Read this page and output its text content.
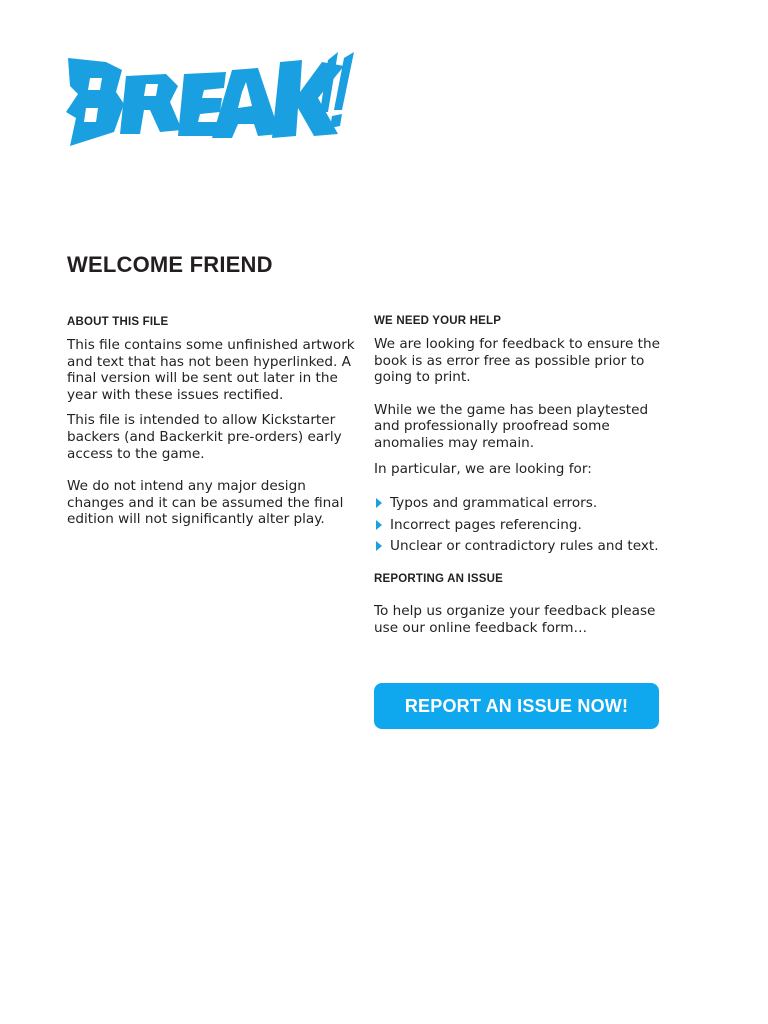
WELCOME FRIEND
ABOUT THIS FILE

This file contains some unfinished artwork and text that has not been hyperlinked. A final version will be sent out later in the year with these issues rectified.

This file is intended to allow Kickstarter backers (and Backerkit pre-orders) early access to the game.

We do not intend any major design changes and it can be assumed the final edition will not significantly alter play.

WE NEED YOUR HELP

We are looking for feedback to ensure the book is as error free as possible prior to going to print.

While we the game has been playtested and professionally proofread some anomalies may remain.

In particular, we are looking for:

Typos and grammatical errors.
Incorrect pages referencing.
Unclear or contradictory rules and text.
REPORTING AN ISSUE

To help us organize your feedback please use our online feedback form…

REPORT AN ISSUE NOW!
